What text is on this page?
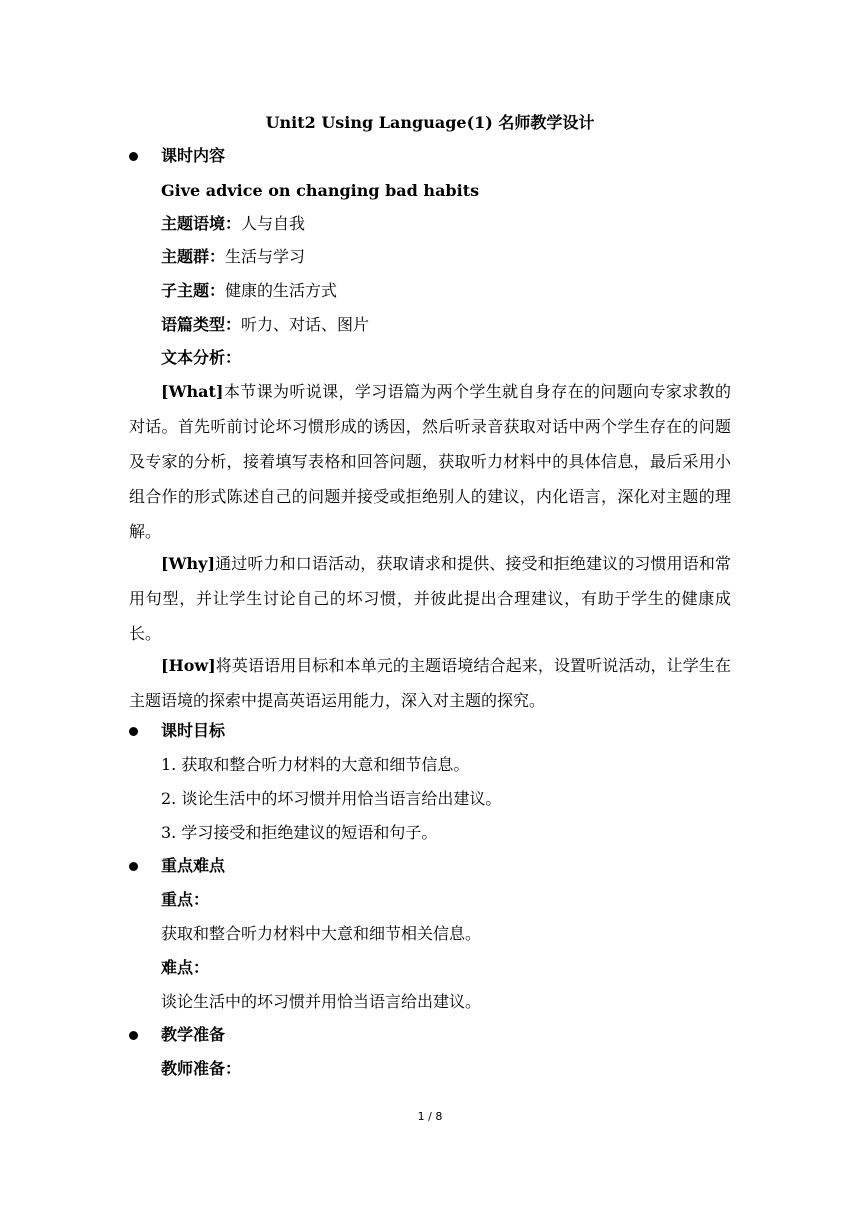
Unit2 Using Language(1) 名师教学设计
课时内容
Give advice on changing bad habits
主题语境：人与自我
主题群：生活与学习
子主题：健康的生活方式
语篇类型：听力、对话、图片
文本分析：
[What]本节课为听说课，学习语篇为两个学生就自身存在的问题向专家求教的对话。首先听前讨论坏习惯形成的诱因，然后听录音获取对话中两个学生存在的问题及专家的分析，接着填写表格和回答问题，获取听力材料中的具体信息，最后采用小组合作的形式陈述自己的问题并接受或拒绝别人的建议，内化语言，深化对主题的理解。
[Why]通过听力和口语活动，获取请求和提供、接受和拒绝建议的习惯用语和常用句型，并让学生讨论自己的坏习惯，并彼此提出合理建议，有助于学生的健康成长。
[How]将英语语用目标和本单元的主题语境结合起来，设置听说活动，让学生在主题语境的探索中提高英语运用能力，深入对主题的探究。
课时目标
1. 获取和整合听力材料的大意和细节信息。
2. 谈论生活中的坏习惯并用恰当语言给出建议。
3. 学习接受和拒绝建议的短语和句子。
重点难点
重点：
获取和整合听力材料中大意和细节相关信息。
难点：
谈论生活中的坏习惯并用恰当语言给出建议。
教学准备
教师准备：
1 / 8
